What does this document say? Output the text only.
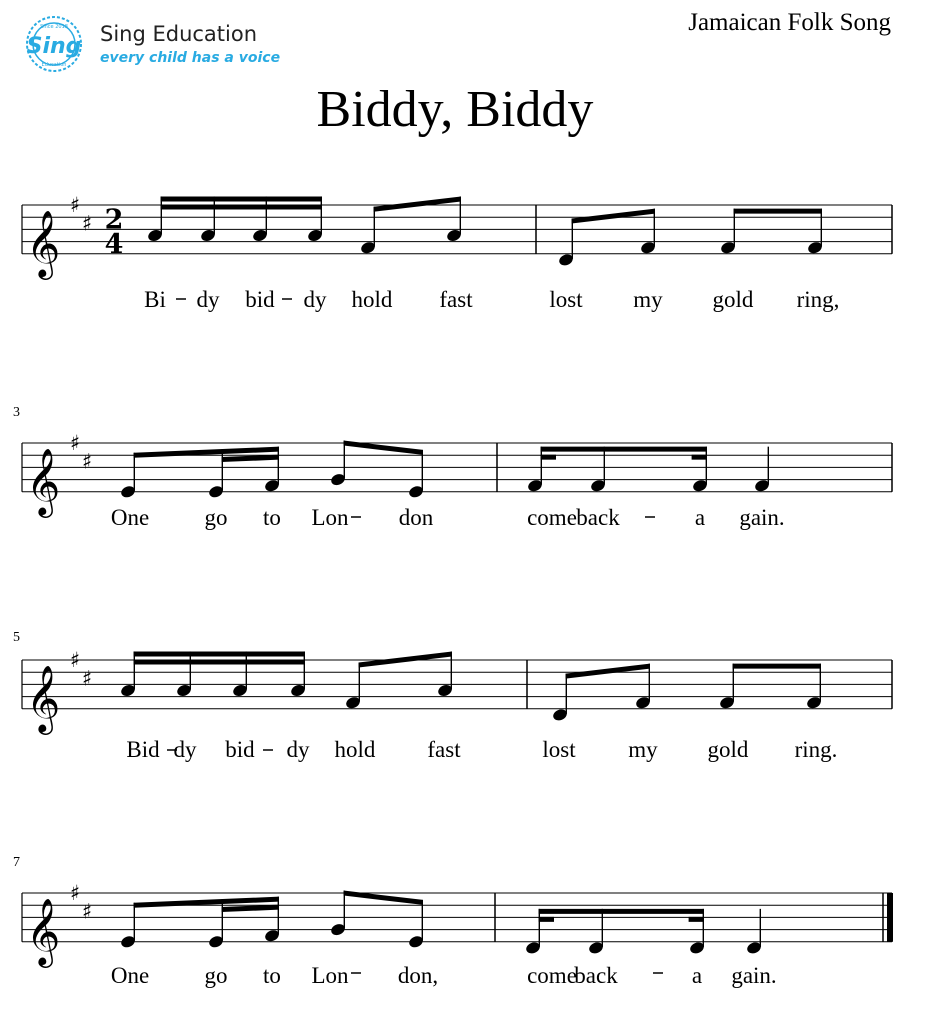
Sing
Since 2018
Education
Sing Education
every child has a voice
Jamaican Folk Song
Biddy, Biddy
𝄞
♯
♯ 2
4
Bi dy bid dy hold fast	lost my gold ring,
𝄞
♯
♯
3
One go to Lon don	come back	a gain.
𝄞
♯
♯
5
Bid dy bid dy hold fast	lost my gold ring.
𝄞
♯
♯
7
One go to Lon don,	come
back	a gain.
